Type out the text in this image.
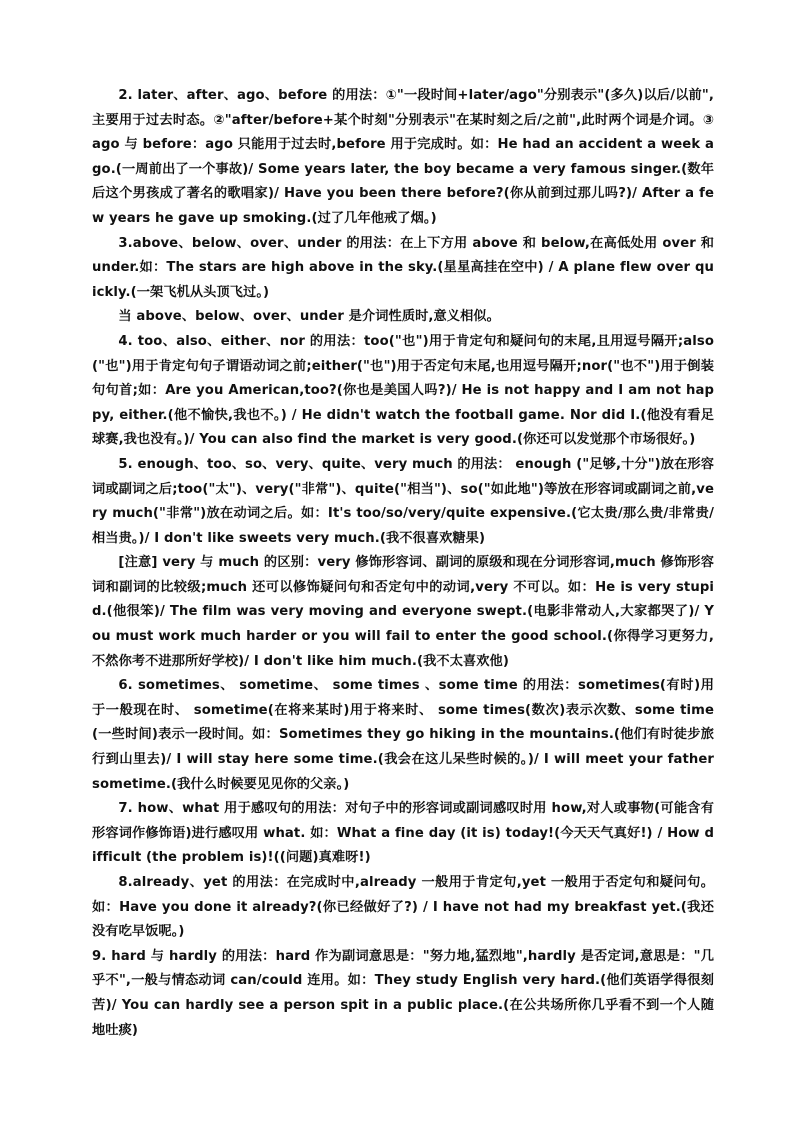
2. later、after、ago、before 的用法：①"一段时间+later/ago"分别表示"(多久)以后/以前",主要用于过去时态。②"after/before+某个时刻"分别表示"在某时刻之后/之前",此时两个词是介词。③ago 与 before：ago 只能用于过去时,before 用于完成时。如：He had an accident a week ago.(一周前出了一个事故)/ Some years later, the boy became a very famous singer.(数年后这个男孩成了著名的歌唱家)/ Have you been there before?(你从前到过那儿吗?)/ After a few years he gave up smoking.(过了几年他戒了烟。)

3.above、below、over、under 的用法：在上下方用 above 和 below,在高低处用 over 和 under.如：The stars are high above in the sky.(星星高挂在空中) / A plane flew over quickly.(一架飞机从头顶飞过。)

当 above、below、over、under 是介词性质时,意义相似。

4. too、also、either、nor 的用法：too("也")用于肯定句和疑问句的末尾,且用逗号隔开;also("也")用于肯定句句子谓语动词之前;either("也")用于否定句末尾,也用逗号隔开;nor("也不")用于倒装句句首;如：Are you American,too?(你也是美国人吗?)/ He is not happy and I am not happy, either.(他不愉快,我也不。) / He didn't watch the football game. Nor did I.(他没有看足球赛,我也没有。)/ You can also find the market is very good.(你还可以发觉那个市场很好。)

5. enough、too、so、very、quite、very much 的用法： enough ("足够,十分")放在形容词或副词之后;too("太")、very("非常")、quite("相当")、so("如此地")等放在形容词或副词之前,very much("非常")放在动词之后。如：It's too/so/very/quite expensive.(它太贵/那么贵/非常贵/相当贵。)/ I don't like sweets very much.(我不很喜欢糖果)

[注意] very 与 much 的区别：very 修饰形容词、副词的原级和现在分词形容词,much 修饰形容词和副词的比较级;much 还可以修饰疑问句和否定句中的动词,very 不可以。如：He is very stupid.(他很笨)/ The film was very moving and everyone swept.(电影非常动人,大家都哭了)/ You must work much harder or you will fail to enter the good school.(你得学习更努力,不然你考不进那所好学校)/ I don't like him much.(我不太喜欢他)

6. sometimes、 sometime、 some times 、some time 的用法：sometimes(有时)用于一般现在时、 sometime(在将来某时)用于将来时、 some times(数次)表示次数、some time(一些时间)表示一段时间。如：Sometimes they go hiking in the mountains.(他们有时徒步旅行到山里去)/ I will stay here some time.(我会在这儿呆些时候的。)/ I will meet your father sometime.(我什么时候要见见你的父亲。)

7. how、what 用于感叹句的用法：对句子中的形容词或副词感叹时用 how,对人或事物(可能含有形容词作修饰语)进行感叹用 what. 如：What a fine day (it is) today!(今天天气真好!) / How difficult (the problem is)!((问题)真难呀!)

8.already、yet 的用法：在完成时中,already 一般用于肯定句,yet 一般用于否定句和疑问句。如：Have you done it already?(你已经做好了?) / I have not had my breakfast yet.(我还没有吃早饭呢。)

9. hard 与 hardly 的用法：hard 作为副词意思是："努力地,猛烈地",hardly 是否定词,意思是："几乎不",一般与情态动词 can/could 连用。如：They study English very hard.(他们英语学得很刻苦)/ You can hardly see a person spit in a public place.(在公共场所你几乎看不到一个人随地吐痰)
